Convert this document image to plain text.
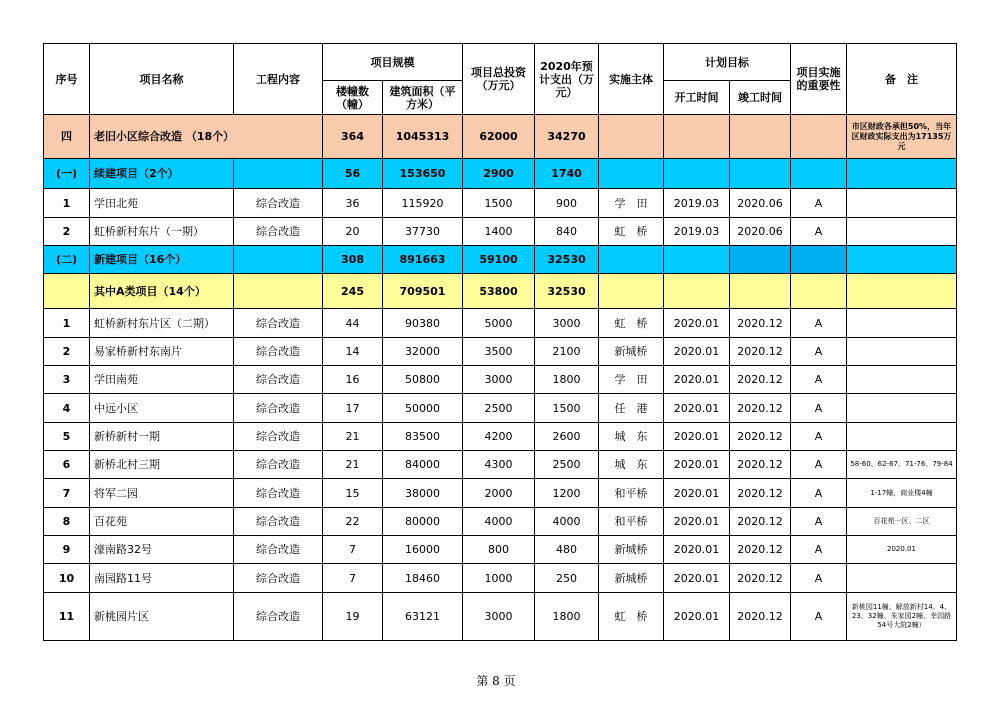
序号	项目名称	工程内容	项目规模		项目总投资（万元）	2020年预计支出（万元）	实施主体	计划目标		项目实施的重要性	备　注
			楼幢数（幢）	建筑面积（平方米）				开工时间	竣工时间		
四	老旧小区综合改造 （18个）		364	1045313	62000	34270					市区财政各承担50%，当年区财政实际支出为17135万元
(一)	续建项目（2个）		56	153650	2900	1740					
1	学田北苑	综合改造	36	115920	1500	900	学　田	2019.03	2020.06	A	
2	虹桥新村东片（一期）	综合改造	20	37730	1400	840	虹　桥	2019.03	2020.06	A	
(二)	新建项目（16个）		308	891663	59100	32530					
	其中A类项目（14个）		245	709501	53800	32530					
1	虹桥新村东片区（二期）	综合改造	44	90380	5000	3000	虹　桥	2020.01	2020.12	A	
2	易家桥新村东南片	综合改造	14	32000	3500	2100	新城桥	2020.01	2020.12	A	
3	学田南苑	综合改造	16	50800	3000	1800	学　田	2020.01	2020.12	A	
4	中远小区	综合改造	17	50000	2500	1500	任　港	2020.01	2020.12	A	
5	新桥新村一期	综合改造	21	83500	4200	2600	城　东	2020.01	2020.12	A	
6	新桥北村三期	综合改造	21	84000	4300	2500	城　东	2020.01	2020.12	A	58-60、62-67、71-76、79-84
7	将军二园	综合改造	15	38000	2000	1200	和平桥	2020.01	2020.12	A	1-17幢，商业楼4幢
8	百花苑	综合改造	22	80000	4000	4000	和平桥	2020.01	2020.12	A	百花苑一区、二区
9	濠南路32号	综合改造	7	16000	800	480	新城桥	2020.01	2020.12	A	2020.01
10	南园路11号	综合改造	7	18460	1000	250	新城桥	2020.01	2020.12	A	
11	新桃园片区	综合改造	19	63121	3000	1800	虹　桥	2020.01	2020.12	A	新桃园11幢、解放新村14、4、23、32幢、朱家园2幢、幸园路54号大院2幢）
第 8 页
